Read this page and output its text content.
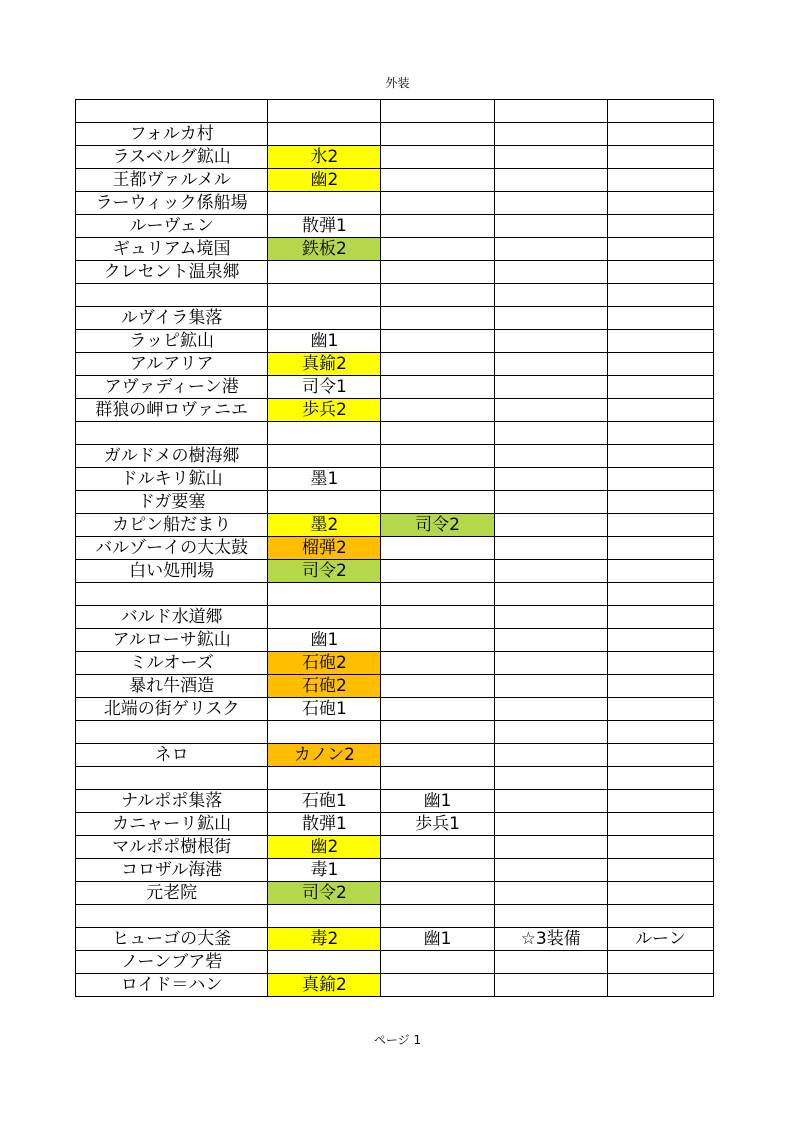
外装

フォルカ村				
ラスベルグ鉱山	氷2			
王都ヴァルメル	幽2			
ラーウィック係船場				
ルーヴェン	散弾1			
ギュリアム境国	鉄板2			
クレセント温泉郷				

ルヴイラ集落				
ラッピ鉱山	幽1			
アルアリア	真鍮2			
アヴァディーン港	司令1			
群狼の岬ロヴァニエ	歩兵2			

ガルドメの樹海郷				
ドルキリ鉱山	墨1			
ドガ要塞				
カピン船だまり	墨2	司令2		
バルゾーイの大太鼓	榴弾2			
白い処刑場	司令2			

バルド水道郷				
アルローサ鉱山	幽1			
ミルオーズ	石砲2			
暴れ牛酒造	石砲2			
北端の街ゲリスク	石砲1			

ネロ	カノン2			

ナルポポ集落	石砲1	幽1		
カニャーリ鉱山	散弾1	歩兵1		
マルポポ樹根街	幽2			
コロザル海港	毒1			
元老院	司令2			

ヒューゴの大釜	毒2	幽1	☆3装備	ルーン
ノーンブア砦				
ロイド＝ハン	真鍮2			
ページ 1
